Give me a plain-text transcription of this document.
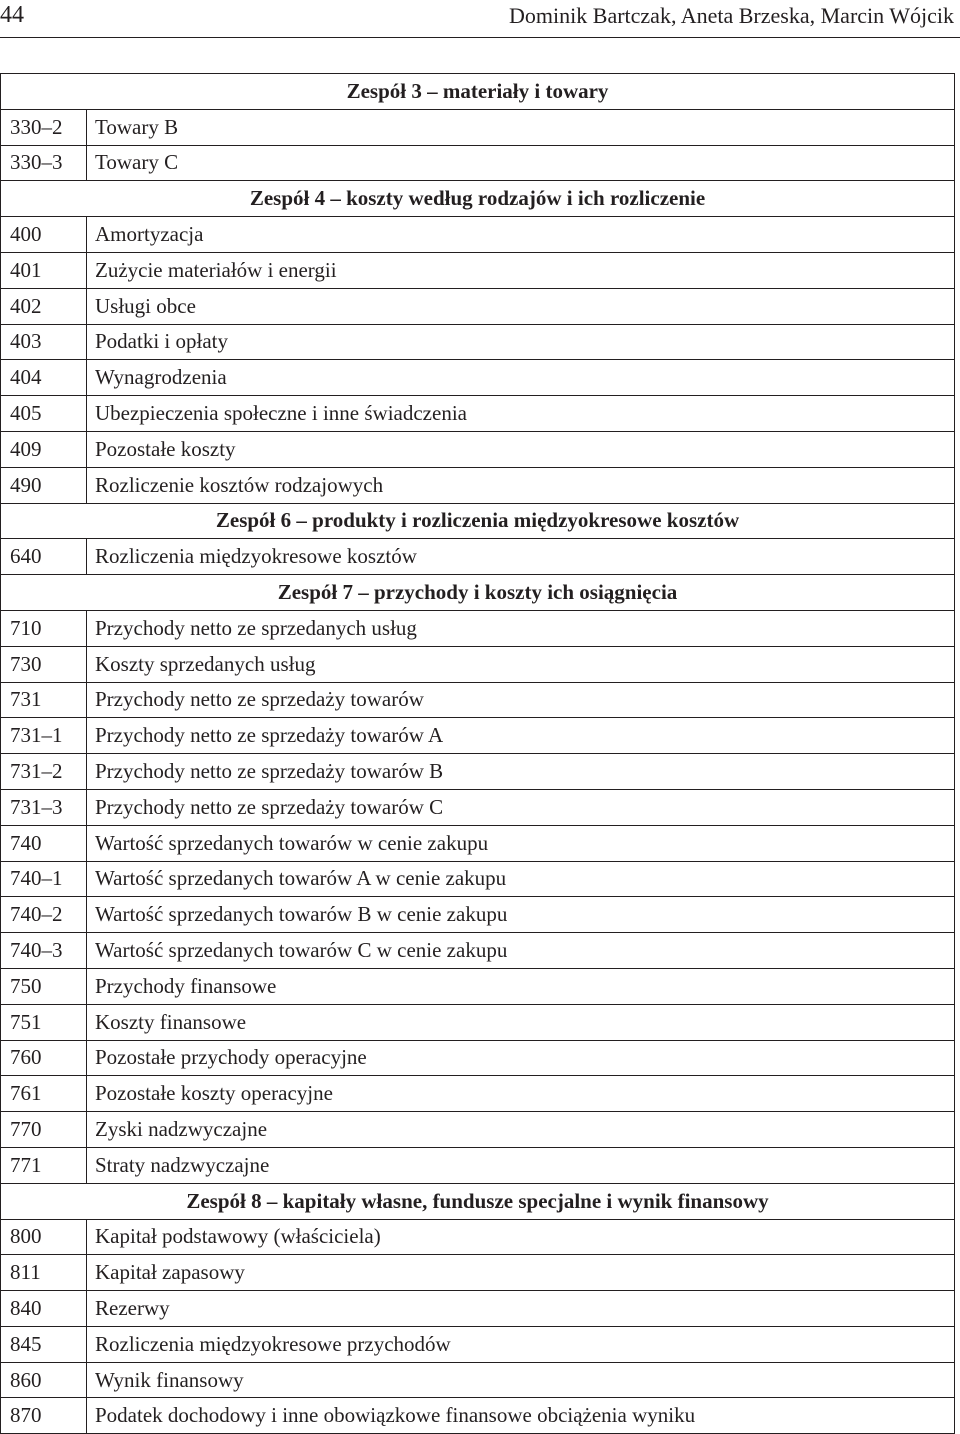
44	Dominik Bartczak, Aneta Brzeska, Marcin Wójcik
Zespół 3 – materiały i towary	
330–2	Towary B
330–3	Towary C
Zespół 4 – koszty według rodzajów i ich rozliczenie	
400	Amortyzacja
401	Zużycie materiałów i energii
402	Usługi obce
403	Podatki i opłaty
404	Wynagrodzenia
405	Ubezpieczenia społeczne i inne świadczenia
409	Pozostałe koszty
490	Rozliczenie kosztów rodzajowych
Zespół 6 – produkty i rozliczenia międzyokresowe kosztów	
640	Rozliczenia międzyokresowe kosztów
Zespół 7 – przychody i koszty ich osiągnięcia	
710	Przychody netto ze sprzedanych usług
730	Koszty sprzedanych usług
731	Przychody netto ze sprzedaży towarów
731–1	Przychody netto ze sprzedaży towarów A
731–2	Przychody netto ze sprzedaży towarów B
731–3	Przychody netto ze sprzedaży towarów C
740	Wartość sprzedanych towarów w cenie zakupu
740–1	Wartość sprzedanych towarów A w cenie zakupu
740–2	Wartość sprzedanych towarów B w cenie zakupu
740–3	Wartość sprzedanych towarów C w cenie zakupu
750	Przychody finansowe
751	Koszty finansowe
760	Pozostałe przychody operacyjne
761	Pozostałe koszty operacyjne
770	Zyski nadzwyczajne
771	Straty nadzwyczajne
Zespół 8 – kapitały własne, fundusze specjalne i wynik finansowy	
800	Kapitał podstawowy (właściciela)
811	Kapitał zapasowy
840	Rezerwy
845	Rozliczenia międzyokresowe przychodów
860	Wynik finansowy
870	Podatek dochodowy i inne obowiązkowe finansowe obciążenia wyniku
